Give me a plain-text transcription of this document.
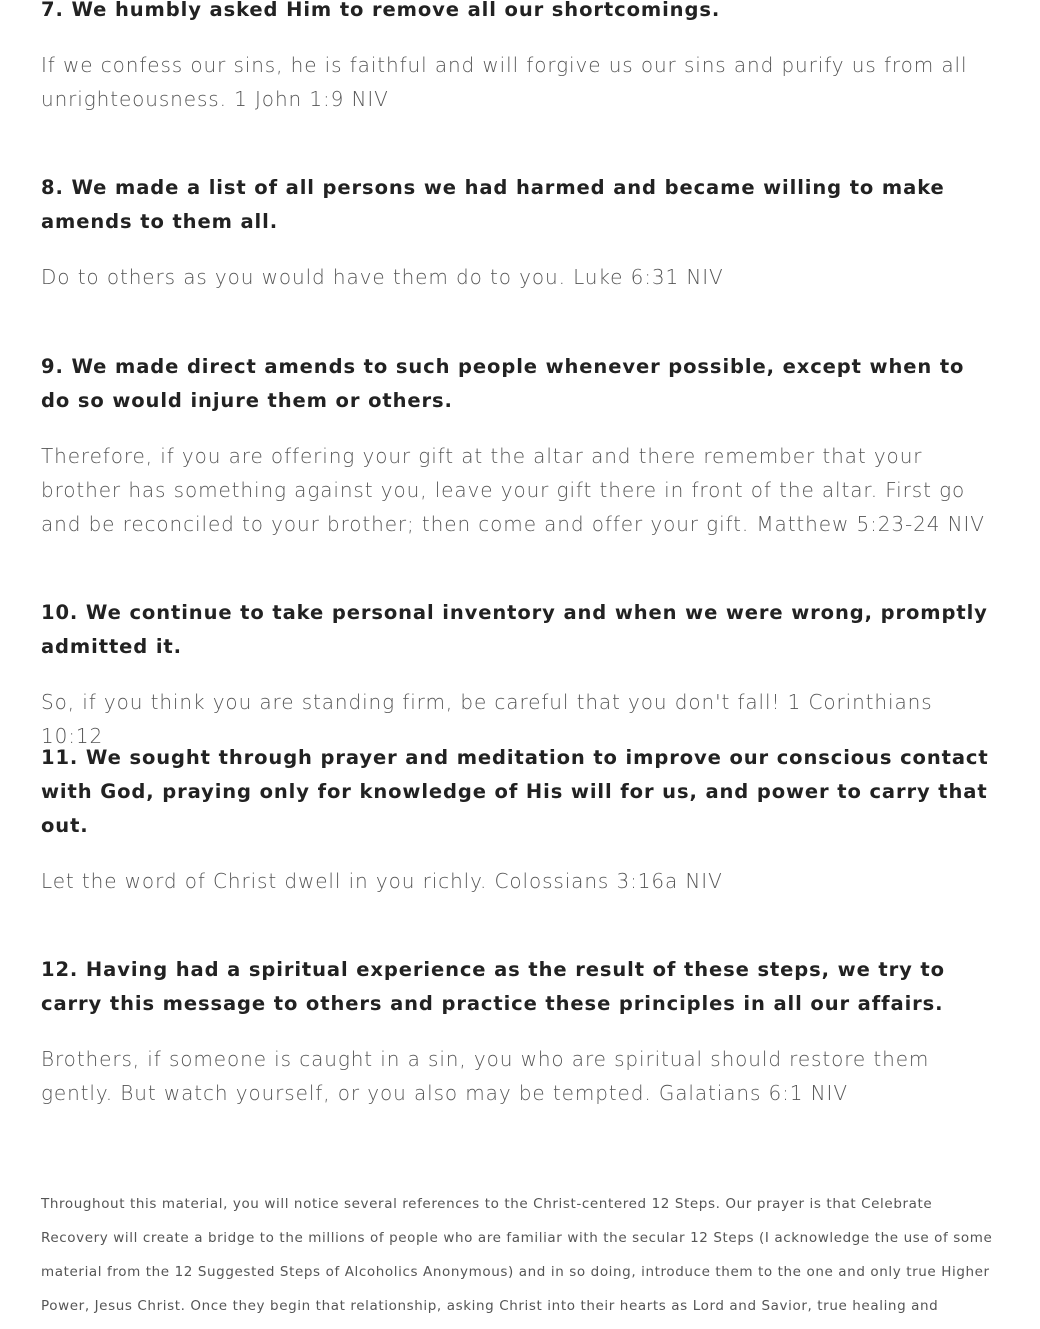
7. We humbly asked Him to remove all our shortcomings.

If we confess our sins, he is faithful and will forgive us our sins and purify us from all unrighteousness. 1 John 1:9 NIV

8. We made a list of all persons we had harmed and became willing to make amends to them all.

Do to others as you would have them do to you. Luke 6:31 NIV

9. We made direct amends to such people whenever possible, except when to do so would injure them or others.

Therefore, if you are offering your gift at the altar and there remember that your brother has something against you, leave your gift there in front of the altar. First go and be reconciled to your brother; then come and offer your gift. Matthew 5:23-24 NIV

10. We continue to take personal inventory and when we were wrong, promptly admitted it.

So, if you think you are standing firm, be careful that you don't fall! 1 Corinthians 10:12

11. We sought through prayer and meditation to improve our conscious contact with God, praying only for knowledge of His will for us, and power to carry that out.

Let the word of Christ dwell in you richly. Colossians 3:16a NIV

12. Having had a spiritual experience as the result of these steps, we try to carry this message to others and practice these principles in all our affairs.

Brothers, if someone is caught in a sin, you who are spiritual should restore them gently. But watch yourself, or you also may be tempted. Galatians 6:1 NIV

Throughout this material, you will notice several references to the Christ-centered 12 Steps. Our prayer is that Celebrate Recovery will create a bridge to the millions of people who are familiar with the secular 12 Steps (I acknowledge the use of some material from the 12 Suggested Steps of Alcoholics Anonymous) and in so doing, introduce them to the one and only true Higher Power, Jesus Christ. Once they begin that relationship, asking Christ into their hearts as Lord and Savior, true healing and
